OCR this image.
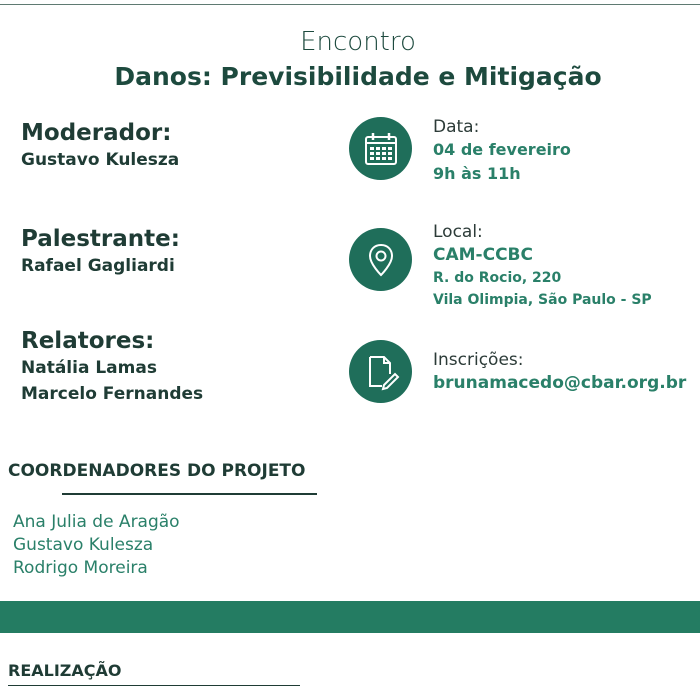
Encontro
Danos: Previsibilidade e Mitigação
Moderador:
Gustavo Kulesza
Palestrante:
Rafael Gagliardi
Relatores:
Natália Lamas
Marcelo Fernandes
Data:
04 de fevereiro
9h às 11h
Local:
CAM-CCBC
R. do Rocio, 220
Vila Olimpia, São Paulo - SP
Inscrições:
brunamacedo@cbar.org.br
COORDENADORES DO PROJETO
Ana Julia de Aragão
Gustavo Kulesza
Rodrigo Moreira
REALIZAÇÃO
